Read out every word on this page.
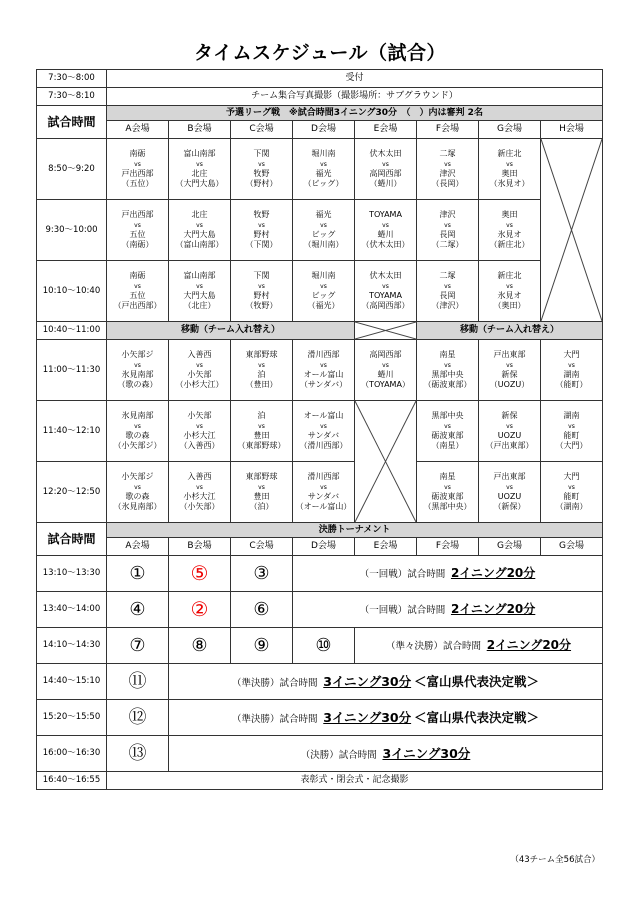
タイムスケジュール（試合）
7:30～8:00	受付							
7:30～8:10	チーム集合写真撮影（撮影場所：サブグラウンド）							
試合時間	予選リーグ戦　※試合時間3イニング30分　（　）内は審判 2名							
	A会場	B会場	C会場	D会場	E会場	F会場	G会場	H会場
8:50～9:20	南砺
vs
戸出西部
（五位）	富山南部
vs
北庄
（大門大島）	下関
vs
牧野
（野村）	堀川南
vs
福光
（ビッグ）	伏木太田
vs
高岡西部
（蜷川）	二塚
vs
津沢
（長岡）	新庄北
vs
奥田
（氷見オ）

9:30～10:00	戸出西部
vs
五位
（南砺）	北庄
vs
大門大島
（富山南部）	牧野
vs
野村
（下関）	福光
vs
ビッグ
（堀川南）	TOYAMA
vs
蜷川
（伏木太田）	津沢
vs
長岡
（二塚）	奥田
vs
氷見オ
（新庄北）	

10:10～10:40	南砺
vs
五位
（戸出西部）	富山南部
vs
大門大島
（北庄）	下関
vs
野村
（牧野）	堀川南
vs
ビッグ
（福光）	伏木太田
vs
TOYAMA
（高岡西部）	二塚
vs
長岡
（津沢）	新庄北
vs
氷見オ
（奥田）	

10:40～11:00	移動（チーム入れ替え）					移動（チーム入れ替え）		
11:00～11:30	小矢部ジ
vs
氷見南部
（歌の森）	入善西
vs
小矢部
（小杉大江）	東部野球
vs
泊
（豊田）	滑川西部
vs
オール富山
（サンダバ）	高岡西部
vs
蜷川
（TOYAMA）	南星
vs
黒部中央
（砺波東部）	戸出東部
vs
新保
（UOZU）	大門
vs
湖南
（能町）

11:40～12:10	氷見南部
vs
歌の森
（小矢部ジ）	小矢部
vs
小杉大江
（入善西）	泊
vs
豊田
（東部野球）	オール富山
vs
サンダバ
（滑川西部）		黒部中央
vs
砺波東部
（南星）	新保
vs
UOZU
（戸出東部）	湖南
vs
能町
（大門）

12:20～12:50	小矢部ジ
vs
歌の森
（氷見南部）	入善西
vs
小杉大江
（小矢部）	東部野球
vs
豊田
（泊）	滑川西部
vs
サンダバ
（オール富山）		南星
vs
砺波東部
（黒部中央）	戸出東部
vs
UOZU
（新保）	大門
vs
能町
（湖南）

試合時間	決勝トーナメント							
	A会場	B会場	C会場	D会場	E会場	F会場	G会場	G会場
13:10～13:30	①	⑤	③	（一回戦）試合時間 2イニング20分				
13:40～14:00	④	②	⑥	（一回戦）試合時間 2イニング20分				
14:10～14:30	⑦	⑧	⑨	⑩	（準々決勝）試合時間 2イニング20分			
14:40～15:10	⑪	（準決勝）試合時間 3イニング30分 ＜富山県代表決定戦＞						
15:20～15:50	⑫	（準決勝）試合時間 3イニング30分 ＜富山県代表決定戦＞						
16:00～16:30	⑬	（決勝）試合時間 3イニング30分						
16:40～16:55	表彰式・閉会式・記念撮影							
（43チーム全56試合）
